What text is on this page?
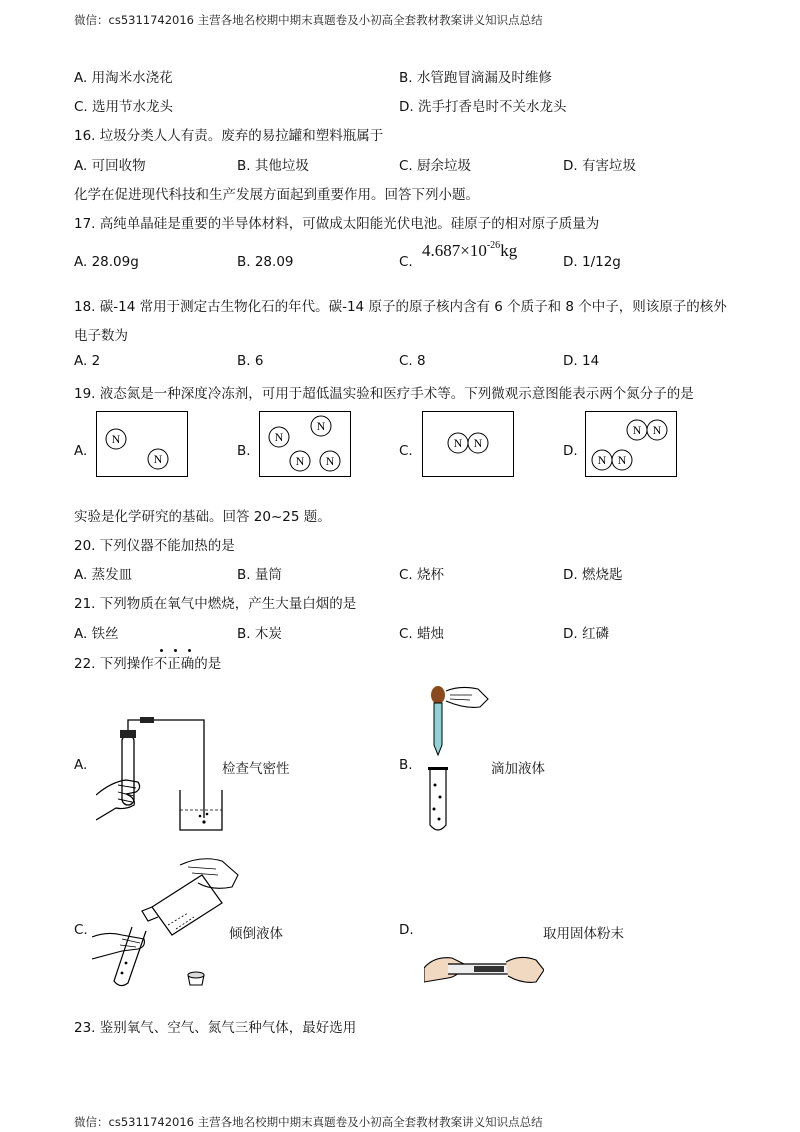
微信：cs5311742016 主营各地名校期中期末真题卷及小初高全套教材教案讲义知识点总结
微信：cs5311742016 主营各地名校期中期末真题卷及小初高全套教材教案讲义知识点总结
A. 用淘米水浇花	B. 水管跑冒滴漏及时维修
C. 选用节水龙头	D. 洗手打香皂时不关水龙头
16. 垃圾分类人人有责。废弃的易拉罐和塑料瓶属于
A. 可回收物	B. 其他垃圾	C. 厨余垃圾	D. 有害垃圾
化学在促进现代科技和生产发展方面起到重要作用。回答下列小题。
17. 高纯单晶硅是重要的半导体材料，可做成太阳能光伏电池。硅原子的相对原子质量为
A. 28.09g	B. 28.09	C.
$4.687\times 10^{-26}kg$
D. 1/12g
18. 碳-14 常用于测定古生物化石的年代。碳-14 原子的原子核内含有 6 个质子和 8 个中子，则该原子的核外
电子数为
A. 2	B. 6	C. 8	D. 14
19. 液态氮是一种深度冷冻剂，可用于超低温实验和医疗手术等。下列微观示意图能表示两个氮分子的是
A.	B.	C.	D.
N
N
N
N
N N
N N
N N
N N
实验是化学研究的基础。回答 20~25 题。
20. 下列仪器不能加热的是
A. 蒸发皿	B. 量筒	C. 烧杯	D. 燃烧匙
21. 下列物质在氧气中燃烧，产生大量白烟的是
A. 铁丝	B. 木炭	C. 蜡烛	D. 红磷
22. 下列操作不正确的是
A.	检查气密性	B.	滴加液体
C.	倾倒液体	D.	取用固体粉末
23. 鉴别氧气、空气、氮气三种气体，最好选用
